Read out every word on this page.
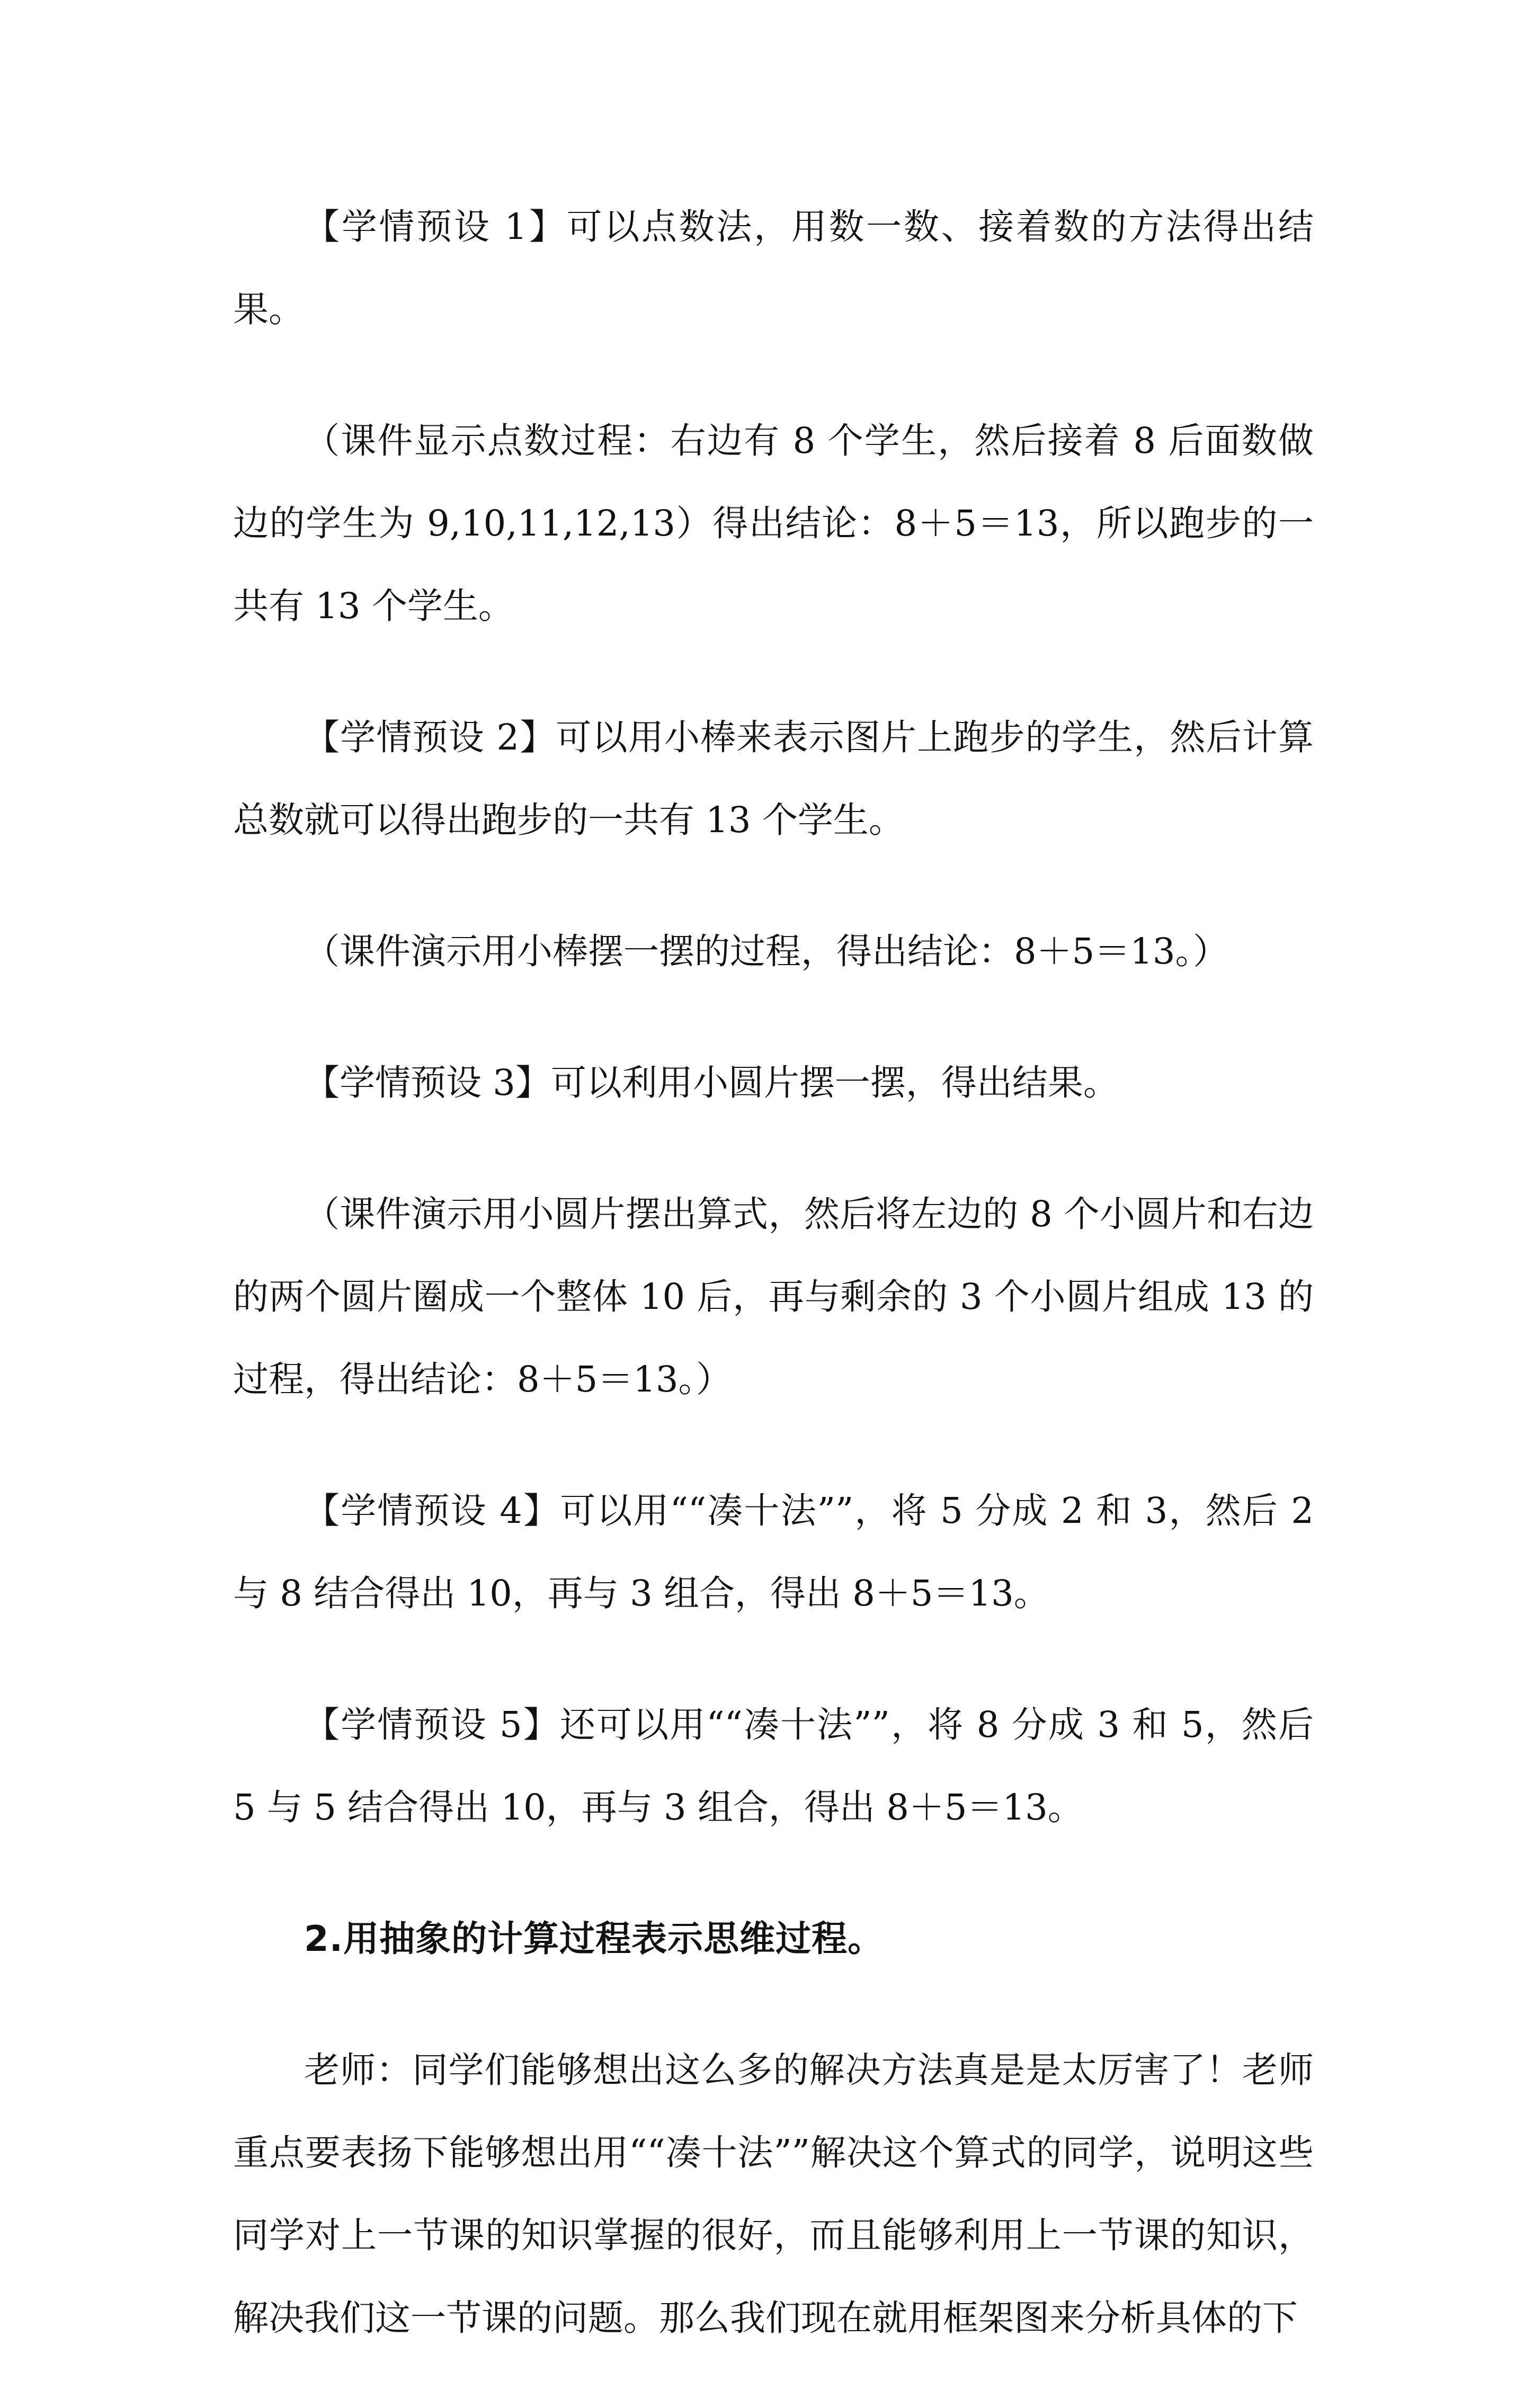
【学情预设 1】可以点数法，用数一数、接着数的方法得出结果。

（课件显示点数过程：右边有 8 个学生，然后接着 8 后面数做边的学生为 9,10,11,12,13）得出结论：8＋5＝13，所以跑步的一共有 13 个学生。

【学情预设 2】可以用小棒来表示图片上跑步的学生，然后计算总数就可以得出跑步的一共有 13 个学生。

（课件演示用小棒摆一摆的过程，得出结论：8＋5＝13。）

【学情预设 3】可以利用小圆片摆一摆，得出结果。

（课件演示用小圆片摆出算式，然后将左边的 8 个小圆片和右边的两个圆片圈成一个整体 10 后，再与剩余的 3 个小圆片组成 13 的过程，得出结论：8＋5＝13。）

【学情预设 4】可以用““凑十法””，将 5 分成 2 和 3，然后 2 与 8 结合得出 10，再与 3 组合，得出 8＋5＝13。

【学情预设 5】还可以用““凑十法””，将 8 分成 3 和 5，然后 5 与 5 结合得出 10，再与 3 组合，得出 8＋5＝13。

2.用抽象的计算过程表示思维过程。

老师：同学们能够想出这么多的解决方法真是是太厉害了！老师重点要表扬下能够想出用““凑十法””解决这个算式的同学，说明这些同学对上一节课的知识掌握的很好，而且能够利用上一节课的知识，解决我们这一节课的问题。那么我们现在就用框架图来分析具体的下
